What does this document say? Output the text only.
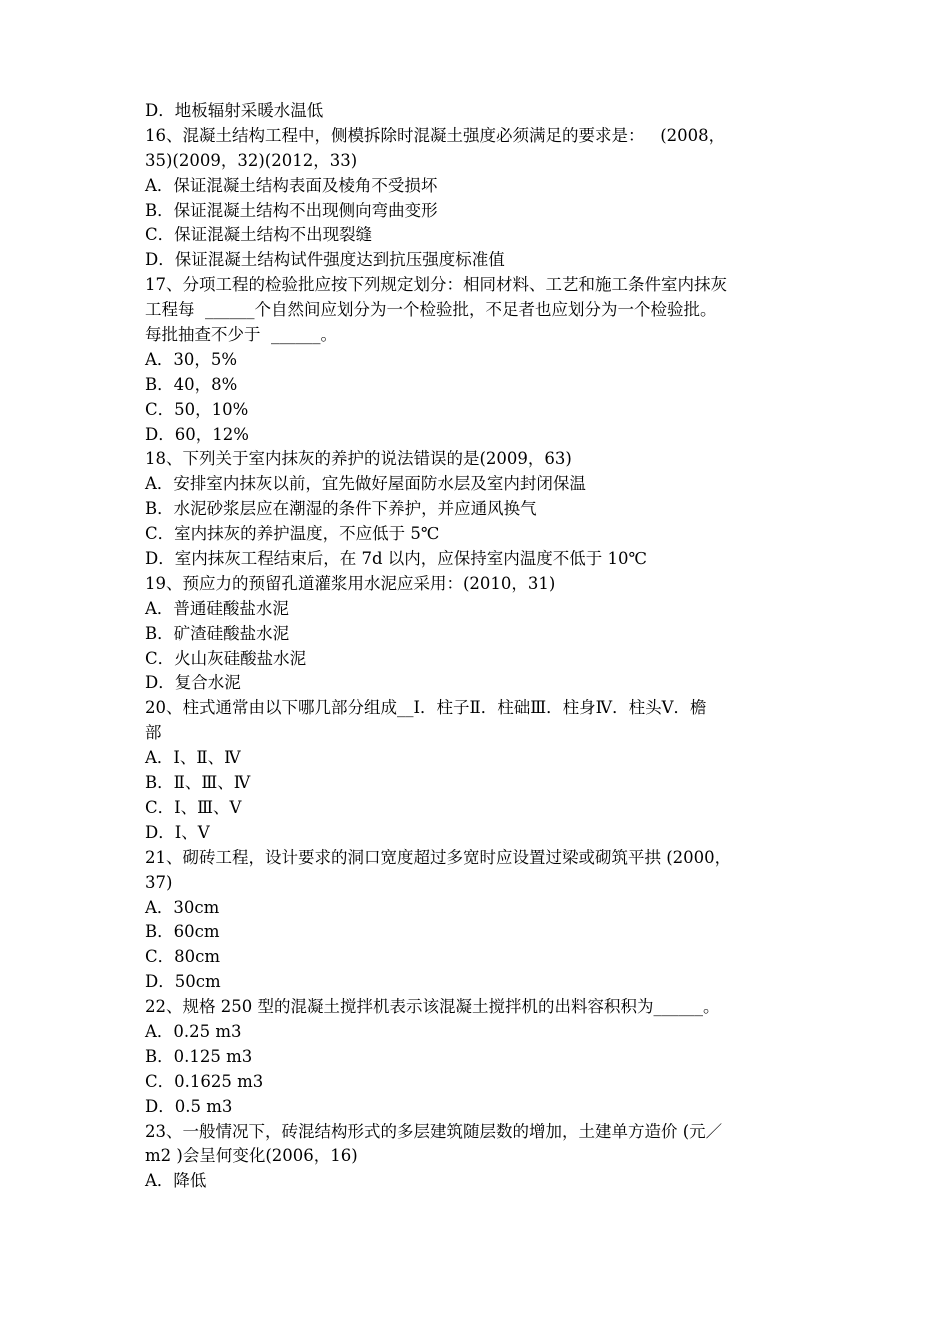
D．地板辐射采暖水温低
16、混凝土结构工程中，侧模拆除时混凝土强度必须满足的要求是：   (2008，
35)(2009，32)(2012，33)
A．保证混凝土结构表面及棱角不受损坏
B．保证混凝土结构不出现侧向弯曲变形
C．保证混凝土结构不出现裂缝
D．保证混凝土结构试件强度达到抗压强度标准值
17、分项工程的检验批应按下列规定划分：相同材料、工艺和施工条件室内抹灰
工程每  ______个自然间应划分为一个检验批，不足者也应划分为一个检验批。
每批抽查不少于  ______。
A．30，5%
B．40，8%
C．50，10%
D．60，12%
18、下列关于室内抹灰的养护的说法错误的是(2009，63)
A．安排室内抹灰以前，宜先做好屋面防水层及室内封闭保温
B．水泥砂浆层应在潮湿的条件下养护，并应通风换气
C．室内抹灰的养护温度，不应低于 5℃
D．室内抹灰工程结束后，在 7d 以内，应保持室内温度不低于 10℃
19、预应力的预留孔道灌浆用水泥应采用：(2010，31)
A．普通硅酸盐水泥
B．矿渣硅酸盐水泥
C．火山灰硅酸盐水泥
D．复合水泥
20、柱式通常由以下哪几部分组成__Ⅰ．柱子Ⅱ．柱础Ⅲ．柱身Ⅳ．柱头Ⅴ．檐
部
A．Ⅰ、Ⅱ、Ⅳ
B．Ⅱ、Ⅲ、Ⅳ
C．Ⅰ、Ⅲ、Ⅴ
D．Ⅰ、Ⅴ
21、砌砖工程，设计要求的洞口宽度超过多宽时应设置过梁或砌筑平拱 (2000，
37)
A．30cm
B．60cm
C．80cm
D．50cm
22、规格 250 型的混凝土搅拌机表示该混凝土搅拌机的出料容积积为______。
A．0.25 m3
B．0.125 m3
C．0.1625 m3
D．0.5 m3
23、一般情况下，砖混结构形式的多层建筑随层数的增加，土建单方造价 (元／
m2 )会呈何变化(2006，16)
A．降低
